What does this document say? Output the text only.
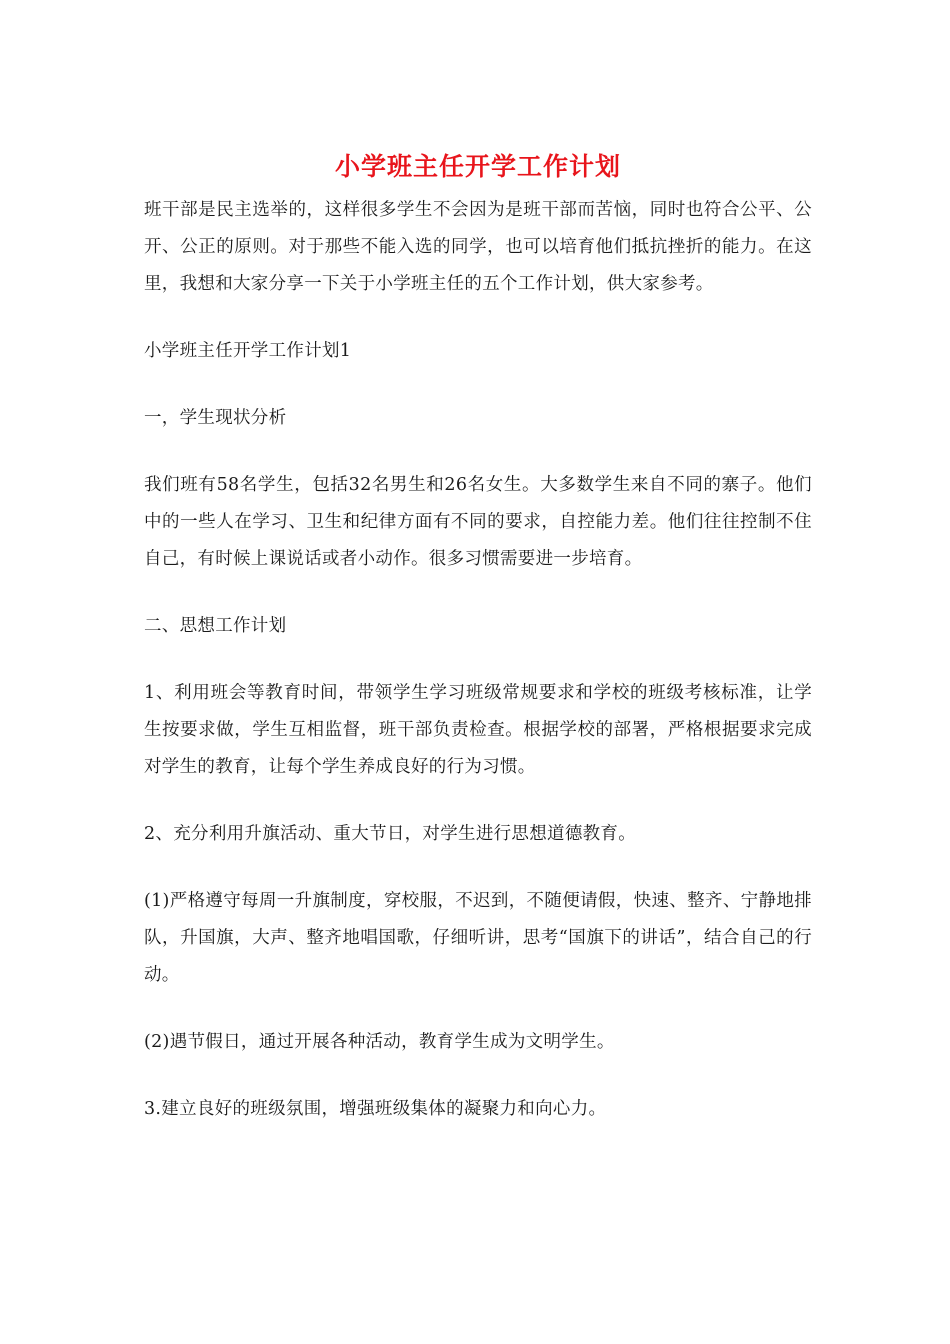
小学班主任开学工作计划

班干部是民主选举的，这样很多学生不会因为是班干部而苦恼，同时也符合公平、公开、公正的原则。对于那些不能入选的同学，也可以培育他们抵抗挫折的能力。在这里，我想和大家分享一下关于小学班主任的五个工作计划，供大家参考。

小学班主任开学工作计划1

一，学生现状分析

我们班有58名学生，包括32名男生和26名女生。大多数学生来自不同的寨子。他们中的一些人在学习、卫生和纪律方面有不同的要求，自控能力差。他们往往控制不住自己，有时候上课说话或者小动作。很多习惯需要进一步培育。

二、思想工作计划

1、利用班会等教育时间，带领学生学习班级常规要求和学校的班级考核标准，让学生按要求做，学生互相监督，班干部负责检查。根据学校的部署，严格根据要求完成对学生的教育，让每个学生养成良好的行为习惯。

2、充分利用升旗活动、重大节日，对学生进行思想道德教育。

(1)严格遵守每周一升旗制度，穿校服，不迟到，不随便请假，快速、整齐、宁静地排队，升国旗，大声、整齐地唱国歌，仔细听讲，思考“国旗下的讲话”，结合自己的行动。

(2)遇节假日，通过开展各种活动，教育学生成为文明学生。

3.建立良好的班级氛围，增强班级集体的凝聚力和向心力。
